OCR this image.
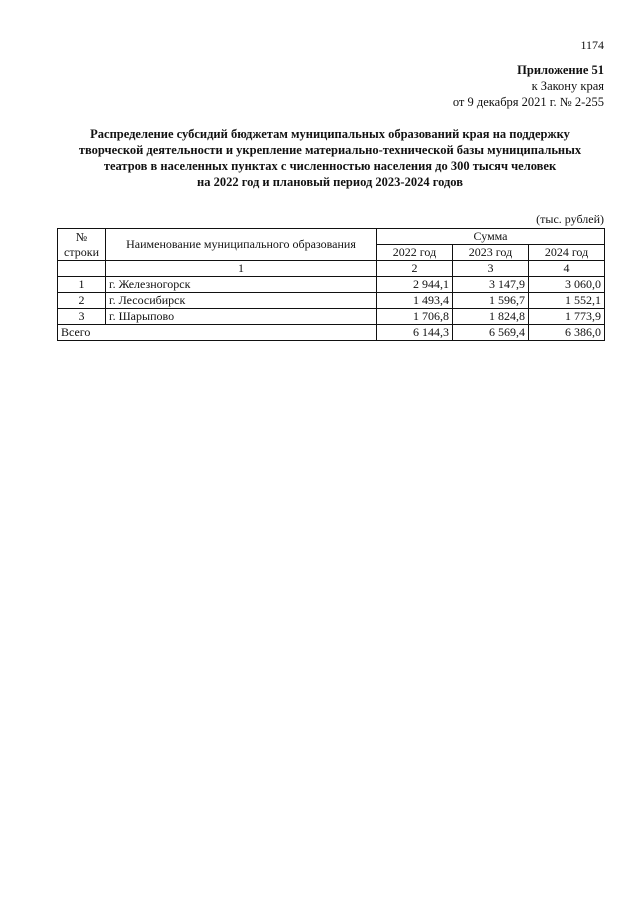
1174
Приложение 51
к Закону края
от 9 декабря 2021 г. № 2-255
Распределение субсидий бюджетам муниципальных образований края на поддержку
творческой деятельности и укрепление материально-технической базы муниципальных
театров в населенных пунктах с численностью населения до 300 тысяч человек
на 2022 год и плановый период 2023-2024 годов
(тыс. рублей)
№
строки	Наименование муниципального образования	Сумма		
		2022 год	2023 год	2024 год
	1	2	3	4
1	г. Железногорск	2 944,1	3 147,9	3 060,0
2	г. Лесосибирск	1 493,4	1 596,7	1 552,1
3	г. Шарыпово	1 706,8	1 824,8	1 773,9
Всего		6 144,3	6 569,4	6 386,0
